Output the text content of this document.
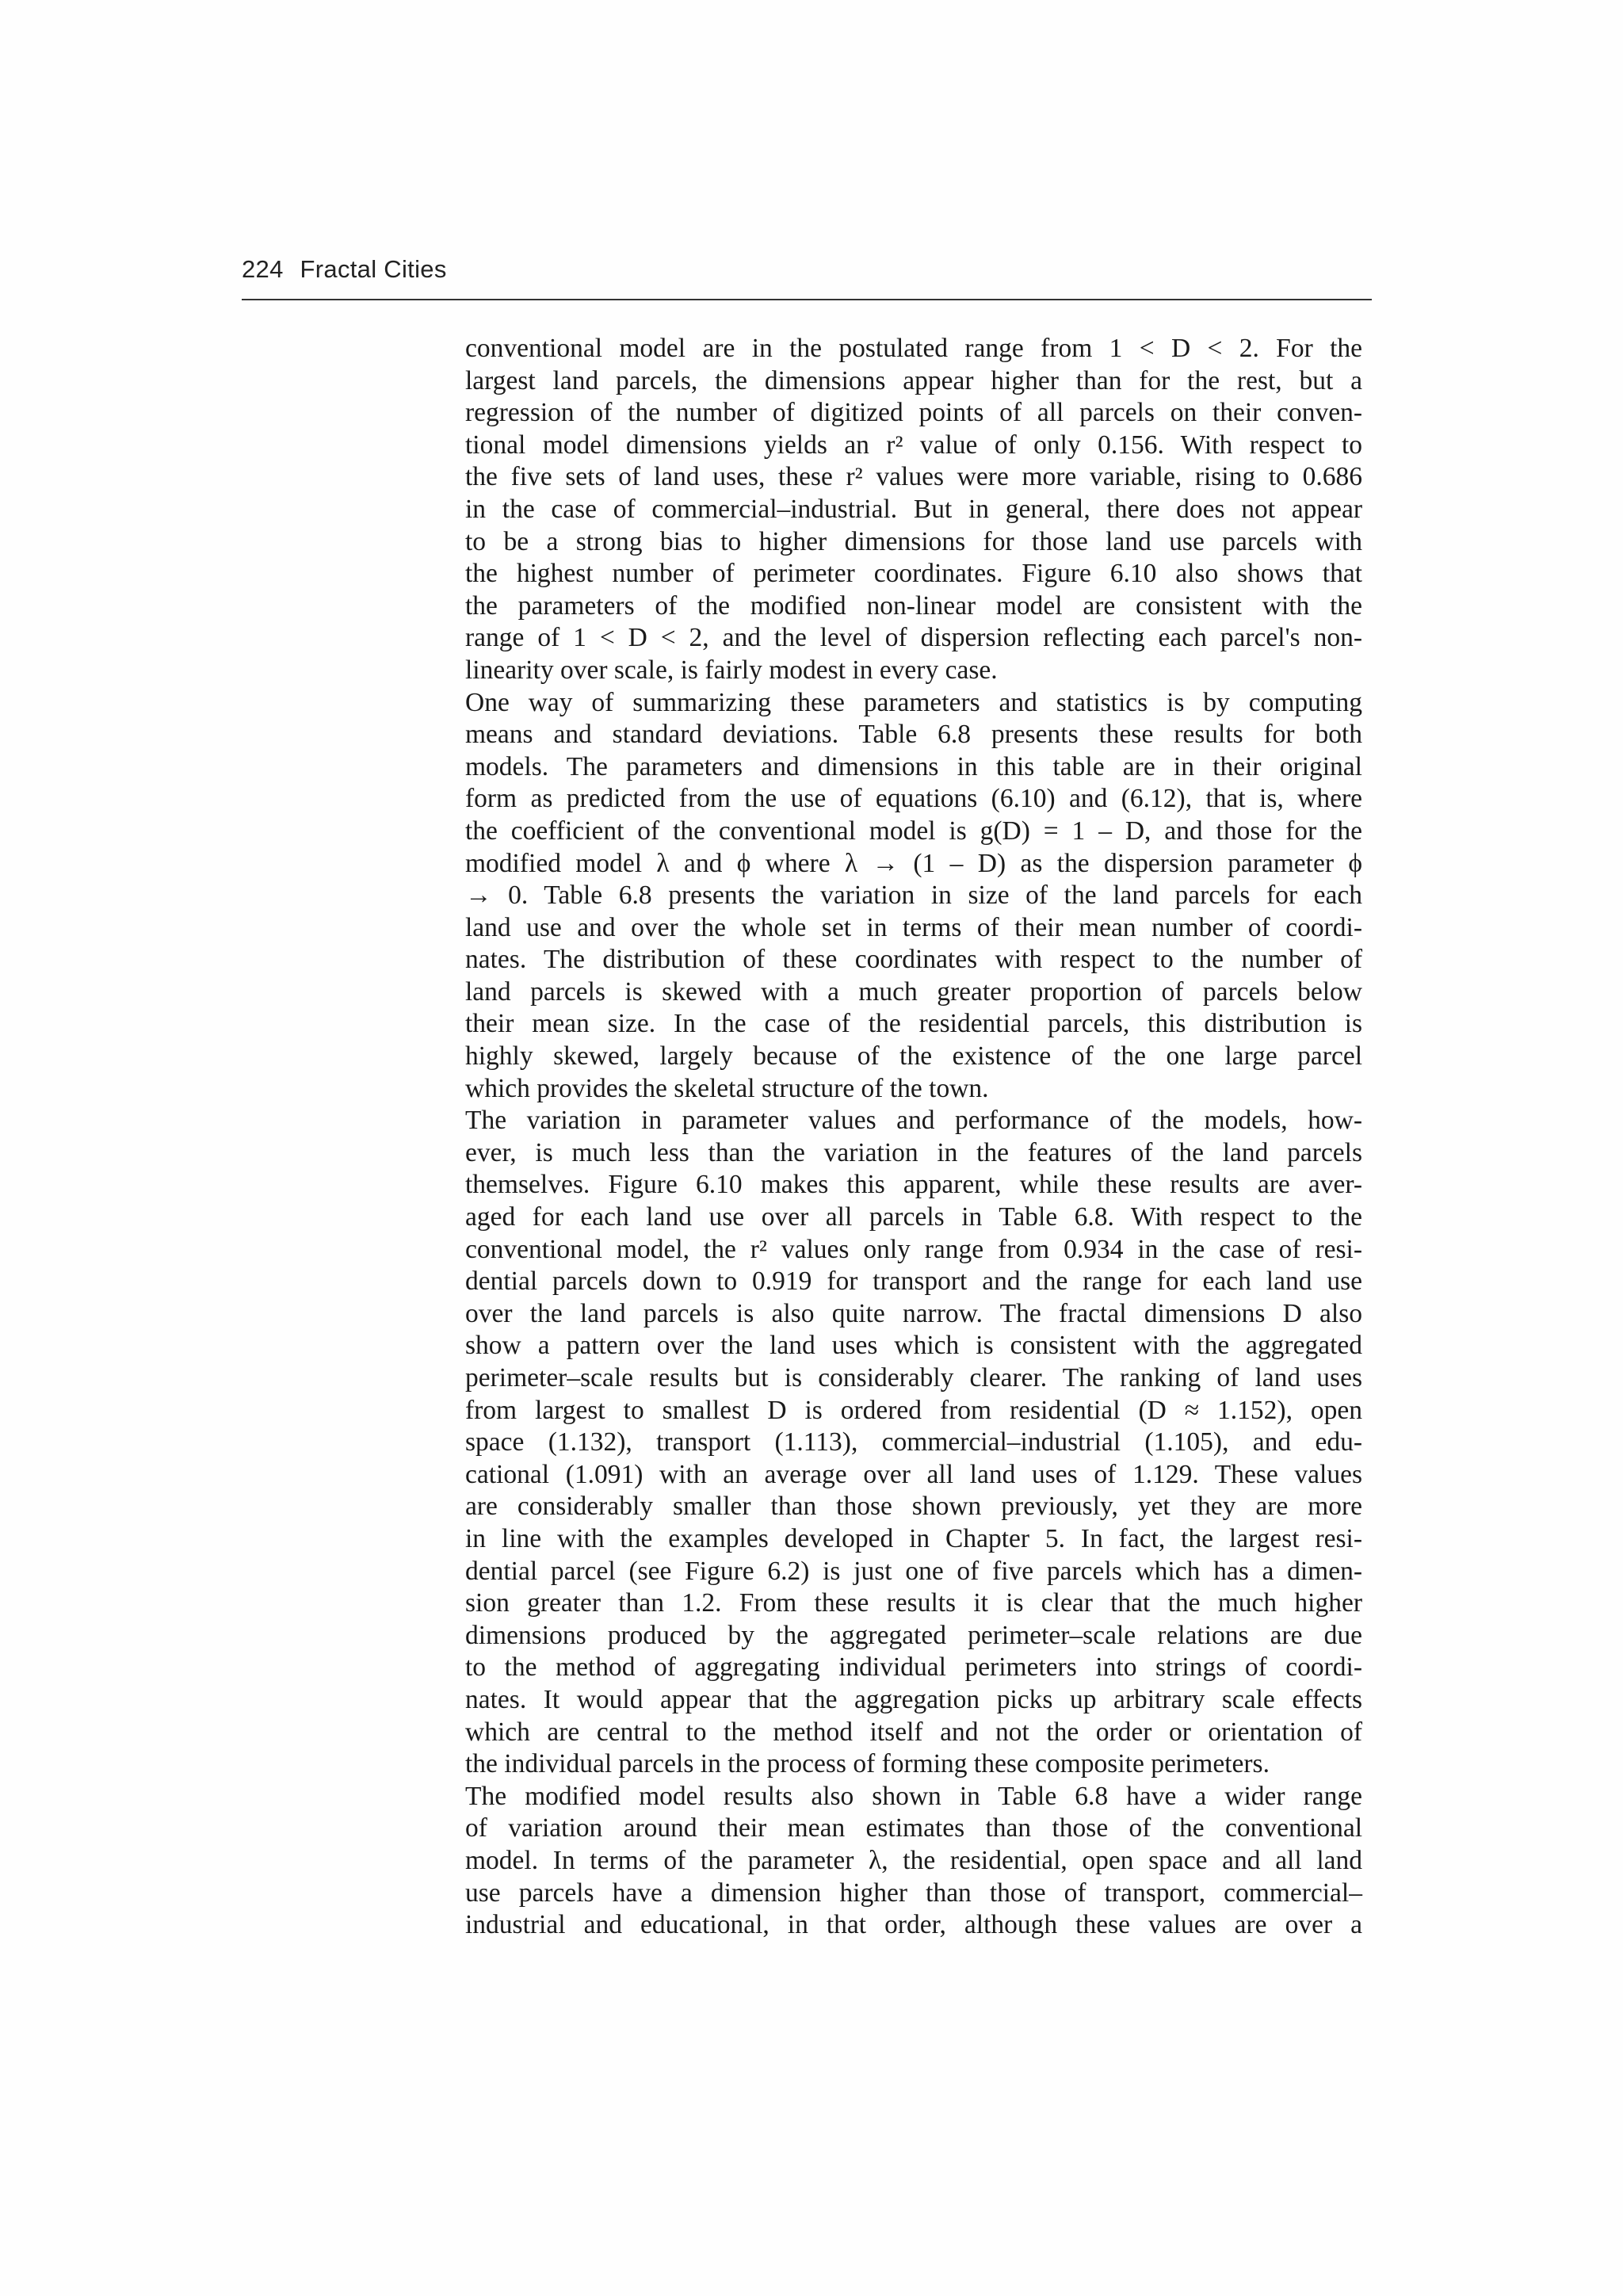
224 Fractal Cities
conventional model are in the postulated range from 1 < D < 2. For the
largest land parcels, the dimensions appear higher than for the rest, but a
regression of the number of digitized points of all parcels on their conven-
tional model dimensions yields an r² value of only 0.156. With respect to
the five sets of land uses, these r² values were more variable, rising to 0.686
in the case of commercial–industrial. But in general, there does not appear
to be a strong bias to higher dimensions for those land use parcels with
the highest number of perimeter coordinates. Figure 6.10 also shows that
the parameters of the modified non-linear model are consistent with the
range of 1 < D < 2, and the level of dispersion reflecting each parcel's non-
linearity over scale, is fairly modest in every case.
One way of summarizing these parameters and statistics is by computing
means and standard deviations. Table 6.8 presents these results for both
models. The parameters and dimensions in this table are in their original
form as predicted from the use of equations (6.10) and (6.12), that is, where
the coefficient of the conventional model is g(D) = 1 – D, and those for the
modified model λ and ϕ where λ → (1 – D) as the dispersion parameter ϕ
→ 0. Table 6.8 presents the variation in size of the land parcels for each
land use and over the whole set in terms of their mean number of coordi-
nates. The distribution of these coordinates with respect to the number of
land parcels is skewed with a much greater proportion of parcels below
their mean size. In the case of the residential parcels, this distribution is
highly skewed, largely because of the existence of the one large parcel
which provides the skeletal structure of the town.
The variation in parameter values and performance of the models, how-
ever, is much less than the variation in the features of the land parcels
themselves. Figure 6.10 makes this apparent, while these results are aver-
aged for each land use over all parcels in Table 6.8. With respect to the
conventional model, the r² values only range from 0.934 in the case of resi-
dential parcels down to 0.919 for transport and the range for each land use
over the land parcels is also quite narrow. The fractal dimensions D also
show a pattern over the land uses which is consistent with the aggregated
perimeter–scale results but is considerably clearer. The ranking of land uses
from largest to smallest D is ordered from residential (D ≈ 1.152), open
space (1.132), transport (1.113), commercial–industrial (1.105), and edu-
cational (1.091) with an average over all land uses of 1.129. These values
are considerably smaller than those shown previously, yet they are more
in line with the examples developed in Chapter 5. In fact, the largest resi-
dential parcel (see Figure 6.2) is just one of five parcels which has a dimen-
sion greater than 1.2. From these results it is clear that the much higher
dimensions produced by the aggregated perimeter–scale relations are due
to the method of aggregating individual perimeters into strings of coordi-
nates. It would appear that the aggregation picks up arbitrary scale effects
which are central to the method itself and not the order or orientation of
the individual parcels in the process of forming these composite perimeters.
The modified model results also shown in Table 6.8 have a wider range
of variation around their mean estimates than those of the conventional
model. In terms of the parameter λ, the residential, open space and all land
use parcels have a dimension higher than those of transport, commercial–
industrial and educational, in that order, although these values are over a
